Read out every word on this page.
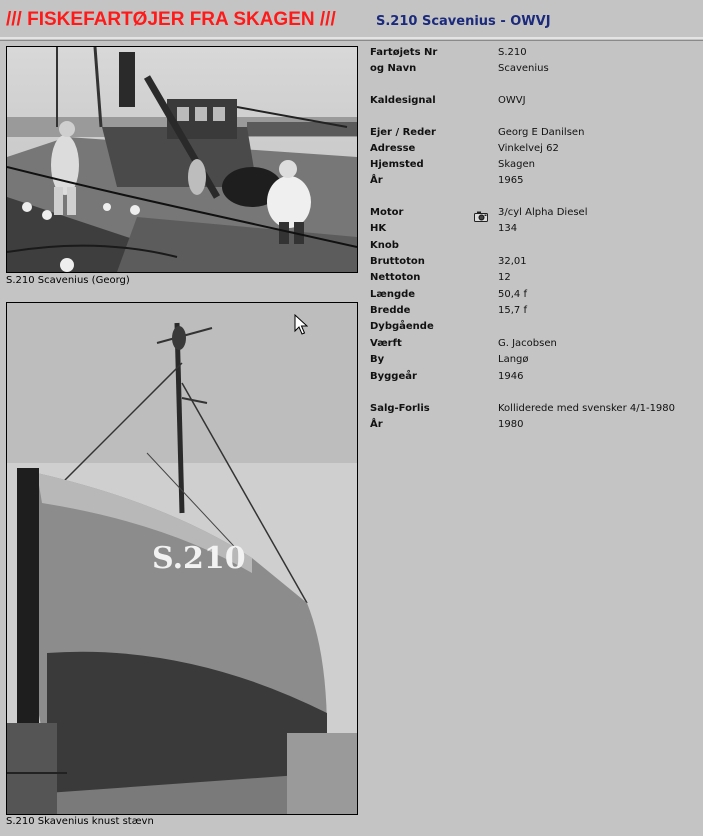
/// FISKEFARTØJER FRA SKAGEN ///	S.210 Scavenius - OWVJ
S.210 Scavenius (Georg)
S.210
S.210 Skavenius knust stævn
Fartøjets Nr	S.210
og Navn	Scavenius
Kaldesignal	OWVJ
Ejer / Reder	Georg E Danilsen
Adresse	Vinkelvej 62
Hjemsted	Skagen
År	1965
Motor	3/cyl Alpha Diesel
HK	134
Knob
Bruttoton	32,01
Nettoton	12
Længde	50,4 f
Bredde	15,7 f
Dybgående
Værft	G. Jacobsen
By	Langø
Byggeår	1946
Salg-Forlis	Kolliderede med svensker 4/1-1980
År	1980
